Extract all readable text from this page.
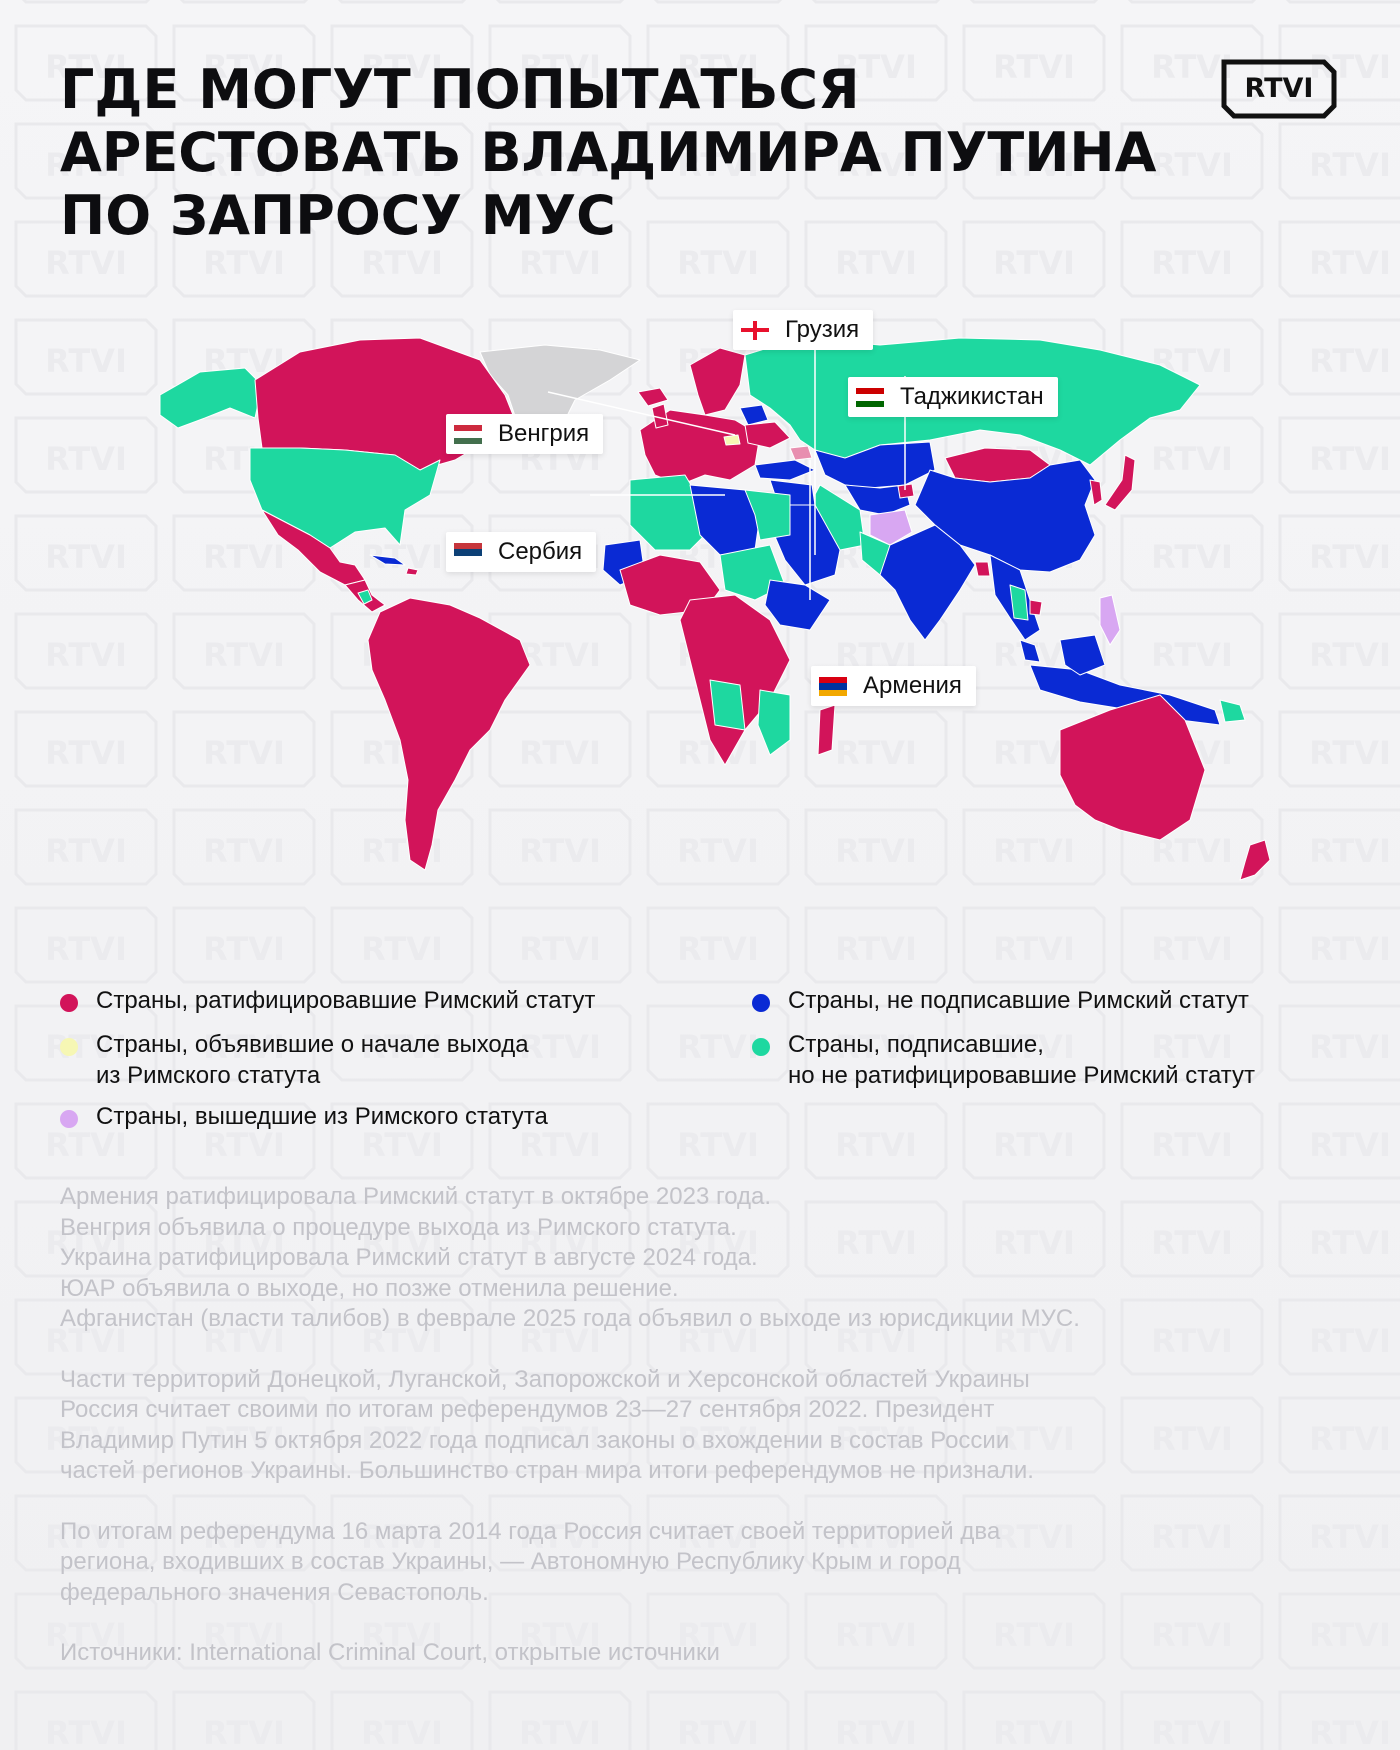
ГДЕ МОГУТ ПОПЫТАТЬСЯ
АРЕСТОВАТЬ ВЛАДИМИРА ПУТИНА
ПО ЗАПРОСУ МУС
RTVI
Грузия
Таджикистан
Венгрия
Сербия
Армения
Страны, ратифицировавшие Римский статут
Страны, объявившие о начале выхода
из Римского статута
Страны, вышедшие из Римского статута
Страны, не подписавшие Римский статут
Страны, подписавшие,
но не ратифицировавшие Римский статут

Армения ратифицировала Римский статут в октябре 2023 года.
Венгрия объявила о процедуре выхода из Римского статута.
Украина ратифицировала Римский статут в августе 2024 года.
ЮАР объявила о выходе, но позже отменила решение.
Афганистан (власти талибов) в феврале 2025 года объявил о выходе из юрисдикции МУС.

Части территорий Донецкой, Луганской, Запорожской и Херсонской областей Украины
Россия считает своими по итогам референдумов 23—27 сентября 2022. Президент
Владимир Путин 5 октября 2022 года подписал законы о вхождении в состав России
частей регионов Украины. Большинство стран мира итоги референдумов не признали.

По итогам референдума 16 марта 2014 года Россия считает своей территорией два
региона, входивших в состав Украины, — Автономную Республику Крым и город
федерального значения Севастополь.

Источники: International Criminal Court, открытые источники
